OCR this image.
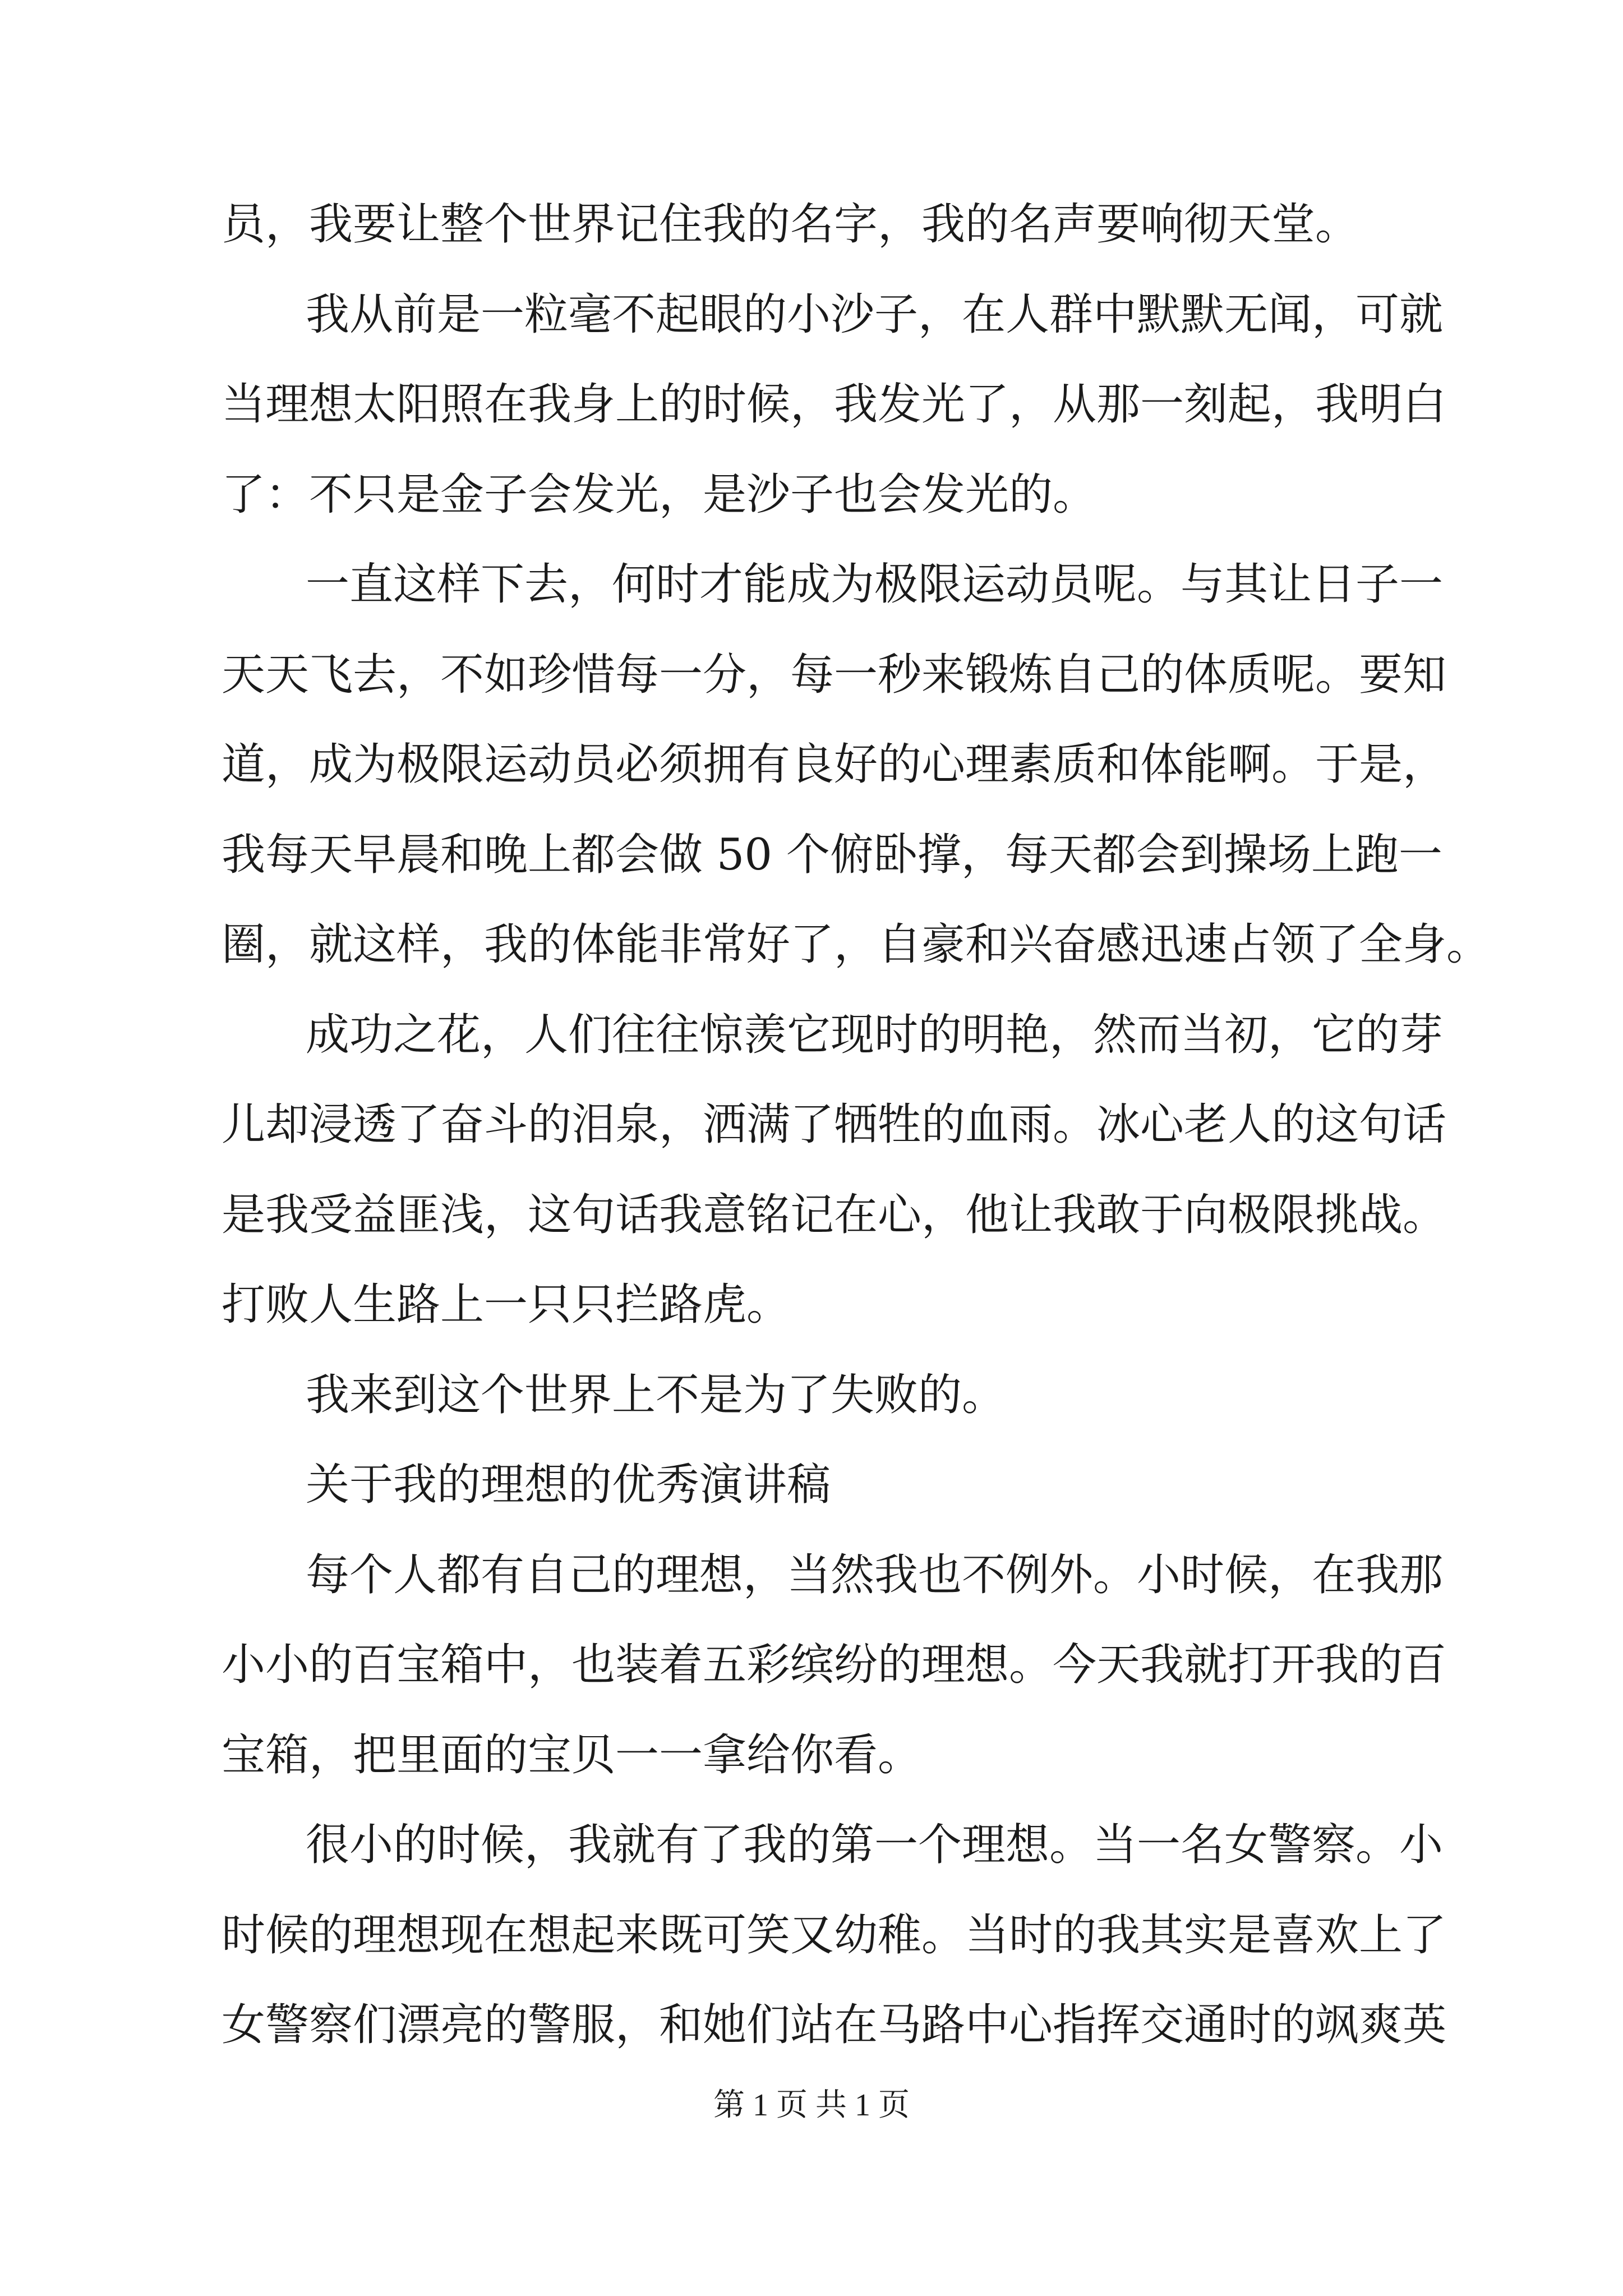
员，我要让整个世界记住我的名字，我的名声要响彻天堂。
我从前是一粒毫不起眼的小沙子，在人群中默默无闻，可就
当理想太阳照在我身上的时候，我发光了，从那一刻起，我明白
了：不只是金子会发光，是沙子也会发光的。
一直这样下去，何时才能成为极限运动员呢。与其让日子一
天天飞去，不如珍惜每一分，每一秒来锻炼自己的体质呢。要知
道，成为极限运动员必须拥有良好的心理素质和体能啊。于是，
我每天早晨和晚上都会做 50 个俯卧撑，每天都会到操场上跑一
圈，就这样，我的体能非常好了，自豪和兴奋感迅速占领了全身。
成功之花，人们往往惊羡它现时的明艳，然而当初，它的芽
儿却浸透了奋斗的泪泉，洒满了牺牲的血雨。冰心老人的这句话
是我受益匪浅，这句话我意铭记在心，他让我敢于向极限挑战。
打败人生路上一只只拦路虎。
我来到这个世界上不是为了失败的。
关于我的理想的优秀演讲稿
每个人都有自己的理想，当然我也不例外。小时候，在我那
小小的百宝箱中，也装着五彩缤纷的理想。今天我就打开我的百
宝箱，把里面的宝贝一一拿给你看。
很小的时候，我就有了我的第一个理想。当一名女警察。小
时候的理想现在想起来既可笑又幼稚。当时的我其实是喜欢上了
女警察们漂亮的警服，和她们站在马路中心指挥交通时的飒爽英
第 1 页 共 1 页
